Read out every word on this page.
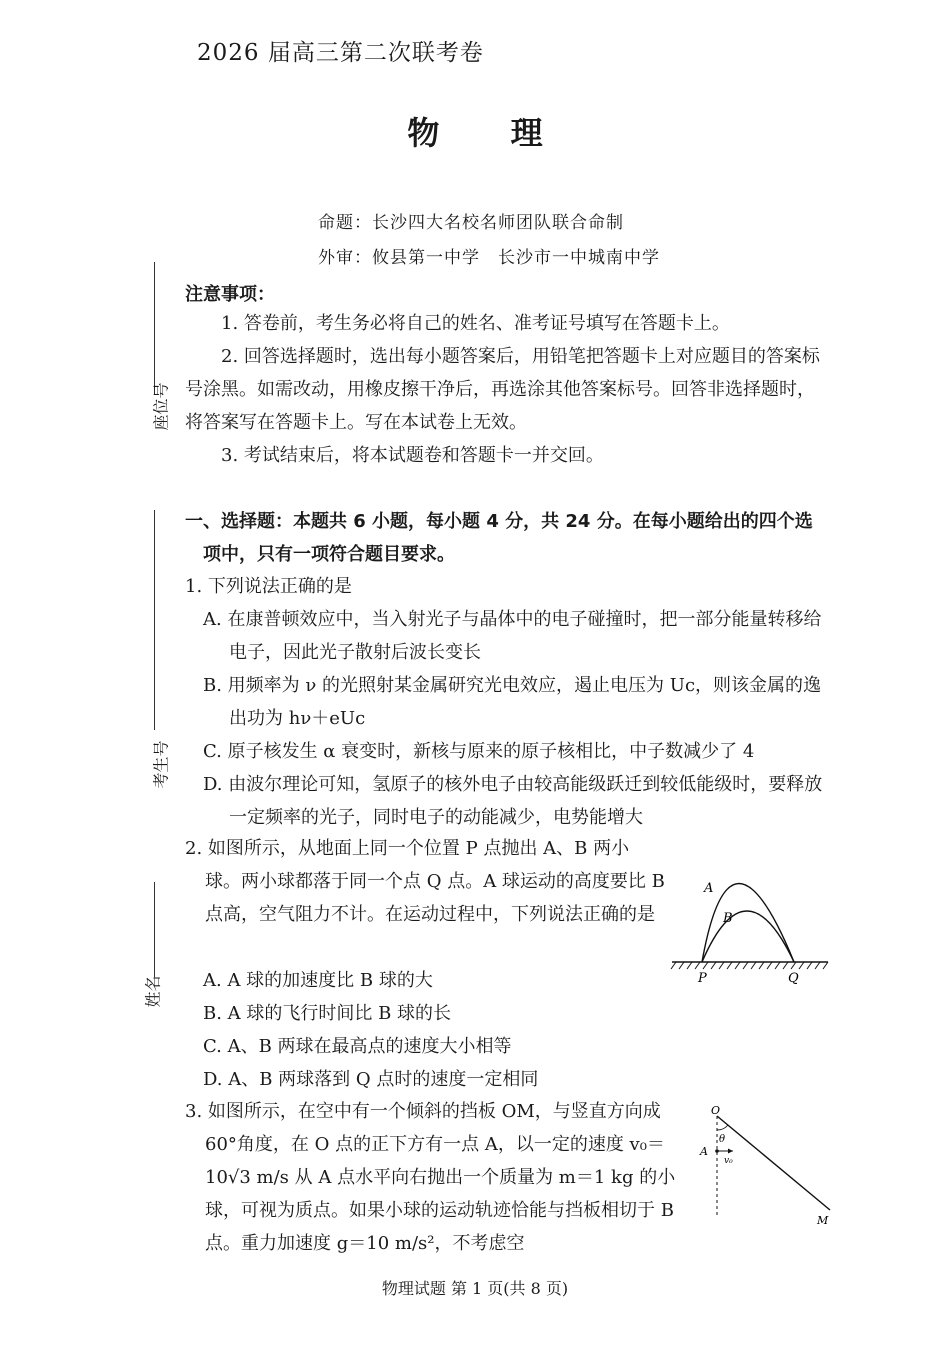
2026 届高三第二次联考卷
物 理
命题：长沙四大名校名师团队联合命制
外审：攸县第一中学　长沙市一中城南中学
座位号
考生号
姓名
注意事项：
1. 答卷前，考生务必将自己的姓名、准考证号填写在答题卡上。
2. 回答选择题时，选出每小题答案后，用铅笔把答题卡上对应题目的答案标号涂黑。如需改动，用橡皮擦干净后，再选涂其他答案标号。回答非选择题时，将答案写在答题卡上。写在本试卷上无效。
3. 考试结束后，将本试题卷和答题卡一并交回。
一、选择题：本题共 6 小题，每小题 4 分，共 24 分。在每小题给出的四个选项中，只有一项符合题目要求。
1. 下列说法正确的是
A. 在康普顿效应中，当入射光子与晶体中的电子碰撞时，把一部分能量转移给电子，因此光子散射后波长变长
B. 用频率为 ν 的光照射某金属研究光电效应，遏止电压为 Uc，则该金属的逸出功为 hν＋eUc
C. 原子核发生 α 衰变时，新核与原来的原子核相比，中子数减少了 4
D. 由波尔理论可知，氢原子的核外电子由较高能级跃迁到较低能级时，要释放一定频率的光子，同时电子的动能减少，电势能增大
2. 如图所示，从地面上同一个位置 P 点抛出 A、B 两小球。两小球都落于同一个点 Q 点。A 球运动的高度要比 B 点高，空气阻力不计。在运动过程中，下列说法正确的是
A. A 球的加速度比 B 球的大
B. A 球的飞行时间比 B 球的长
C. A、B 两球在最高点的速度大小相等
D. A、B 两球落到 Q 点时的速度一定相同
A
B
P	Q
3. 如图所示，在空中有一个倾斜的挡板 OM，与竖直方向成 60°角度，在 O 点的正下方有一点 A，以一定的速度 v₀＝10√3 m/s 从 A 点水平向右抛出一个质量为 m＝1 kg 的小球，可视为质点。如果小球的运动轨迹恰能与挡板相切于 B 点。重力加速度 g＝10 m/s²，不考虑空
O
A
θ
v₀
M
物理试题 第 1 页(共 8 页)
